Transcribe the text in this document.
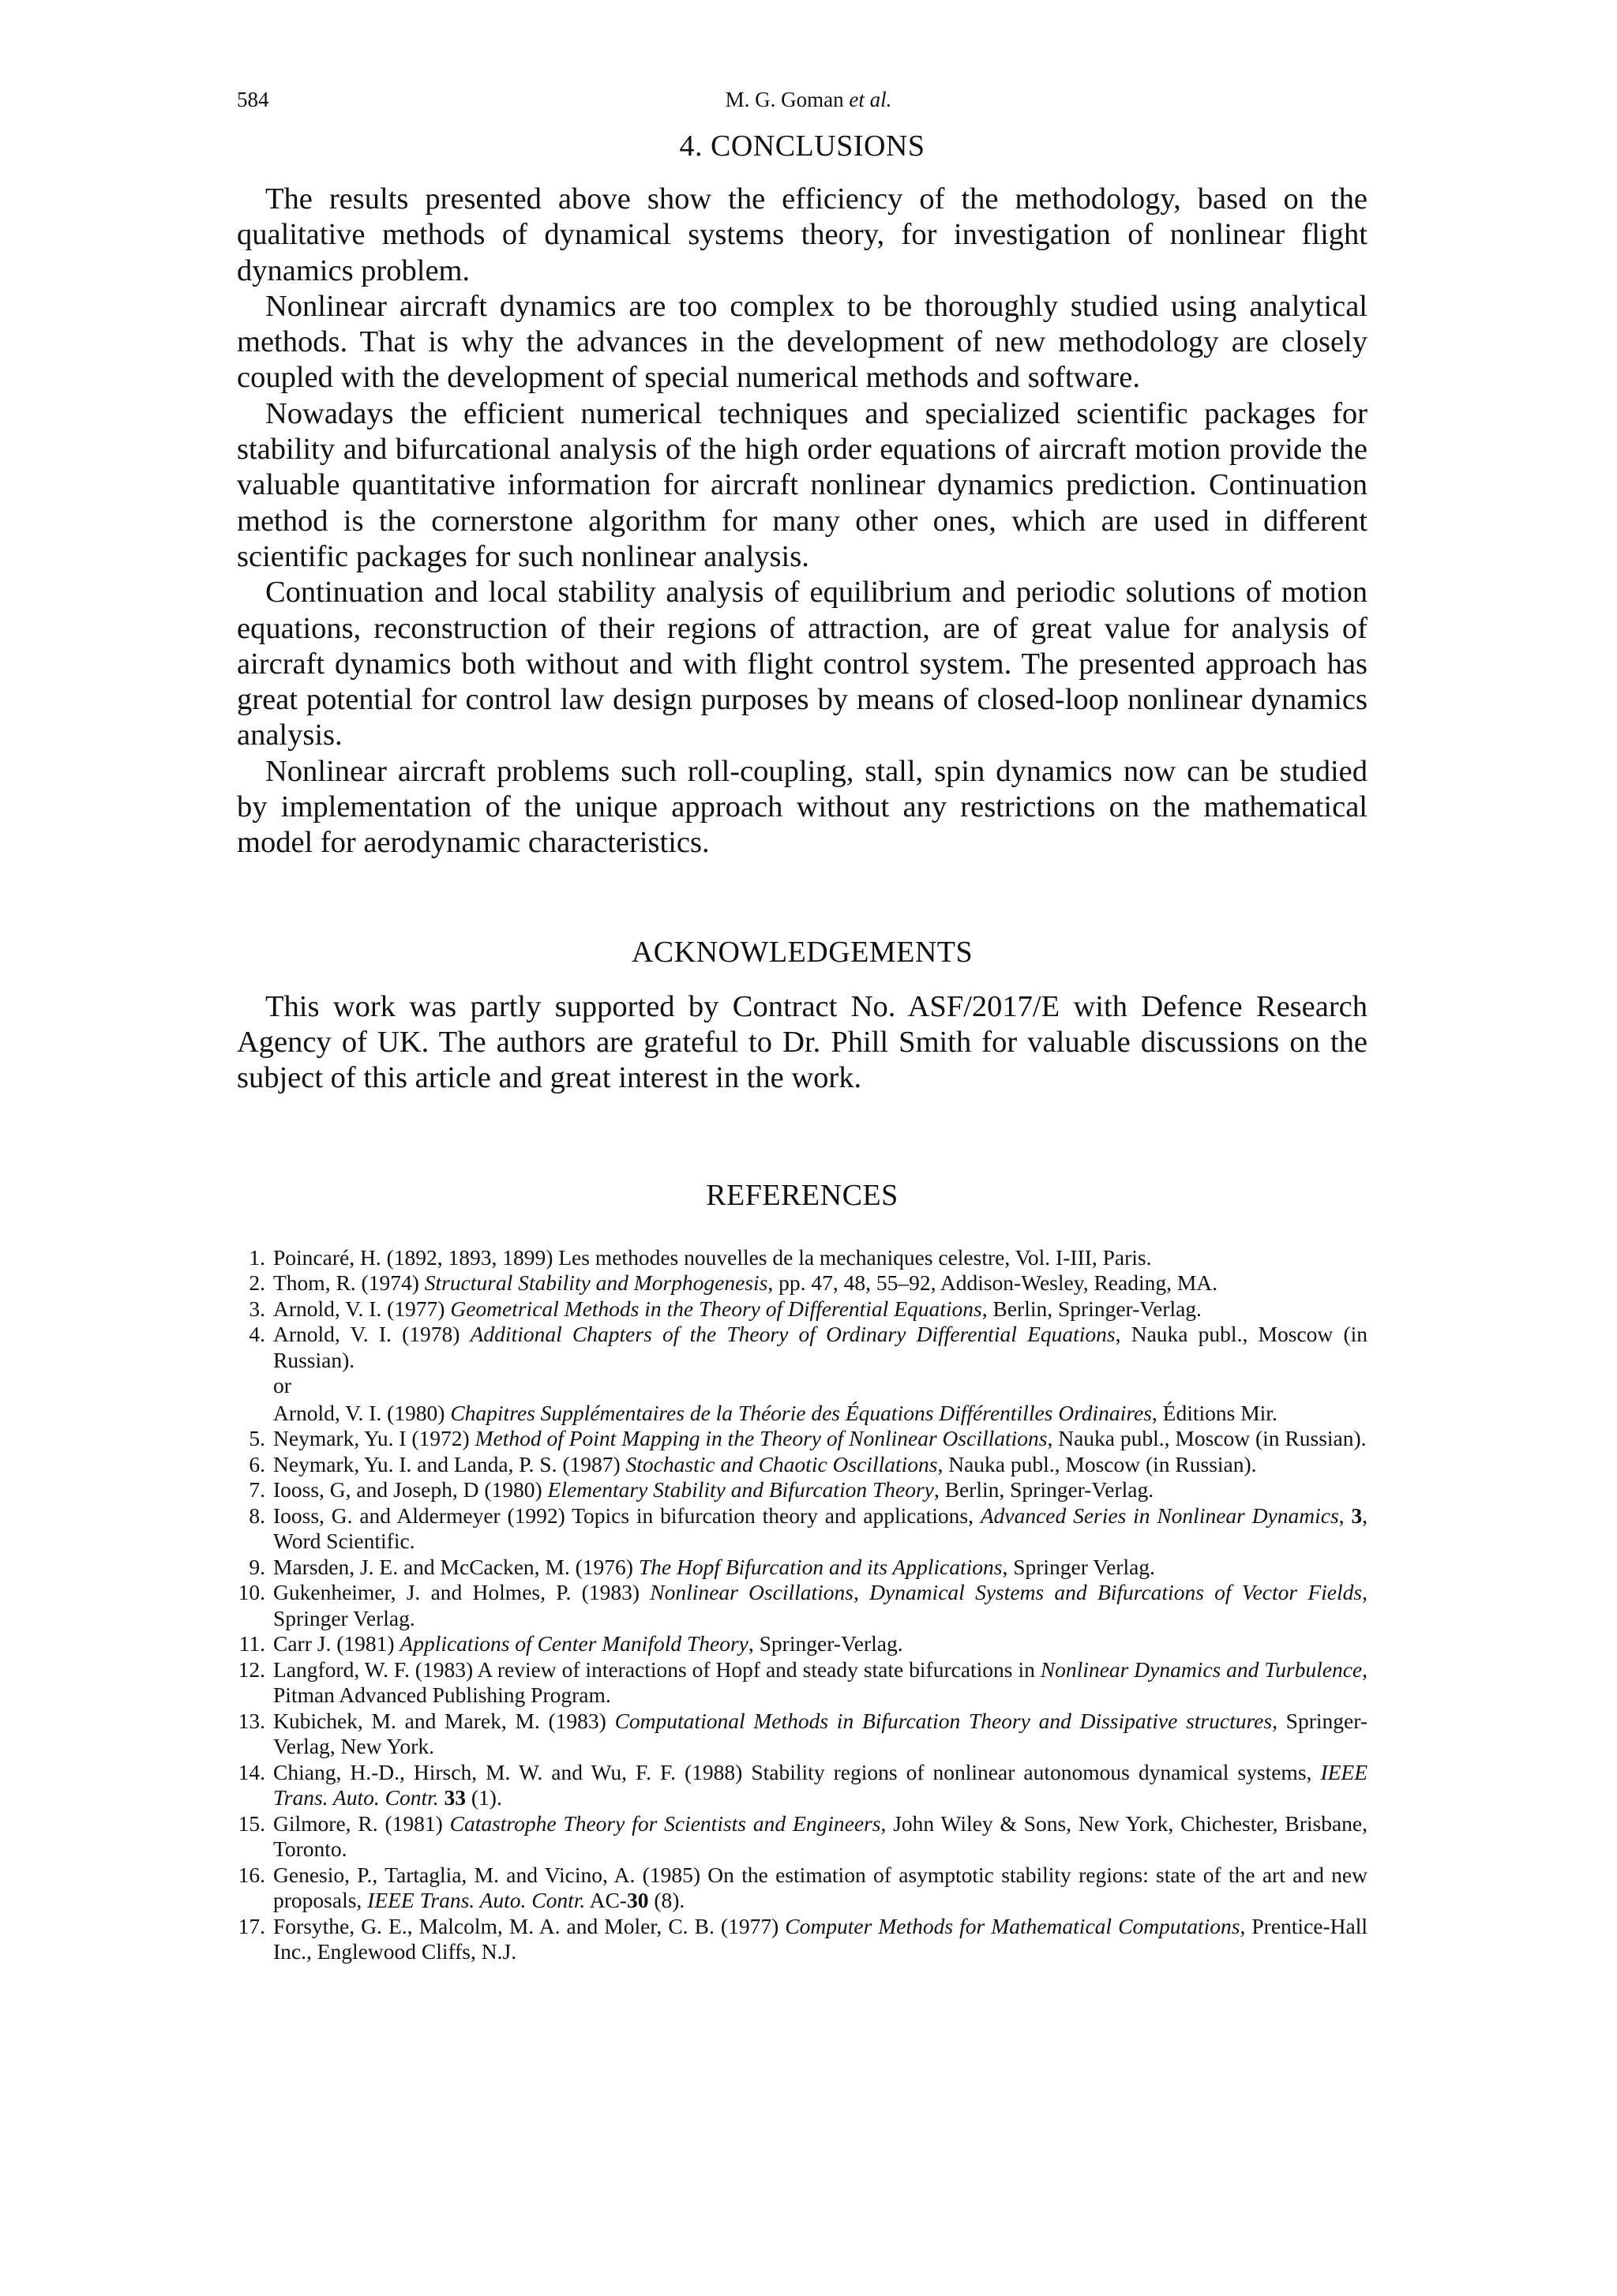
584	M. G. Goman et al.
4. CONCLUSIONS

The results presented above show the efficiency of the methodology, based on the qualitative methods of dynamical systems theory, for investigation of nonlinear flight dynamics problem.

Nonlinear aircraft dynamics are too complex to be thoroughly studied using analytical methods. That is why the advances in the development of new methodology are closely coupled with the development of special numerical methods and software.

Nowadays the efficient numerical techniques and specialized scientific packages for stability and bifurcational analysis of the high order equations of aircraft motion provide the valuable quantitative information for aircraft nonlinear dynamics prediction. Continuation method is the cornerstone algorithm for many other ones, which are used in different scientific packages for such nonlinear analysis.

Continuation and local stability analysis of equilibrium and periodic solutions of motion equations, reconstruction of their regions of attraction, are of great value for analysis of aircraft dynamics both without and with flight control system. The presented approach has great potential for control law design purposes by means of closed-loop nonlinear dynamics analysis.

Nonlinear aircraft problems such roll-coupling, stall, spin dynamics now can be studied by implementation of the unique approach without any restrictions on the mathematical model for aerodynamic characteristics.

ACKNOWLEDGEMENTS

This work was partly supported by Contract No. ASF/2017/E with Defence Research Agency of UK. The authors are grateful to Dr. Phill Smith for valuable discussions on the subject of this article and great interest in the work.

REFERENCES
1. Poincaré, H. (1892, 1893, 1899) Les methodes nouvelles de la mechaniques celestre, Vol. I-III, Paris.
2. Thom, R. (1974) Structural Stability and Morphogenesis, pp. 47, 48, 55–92, Addison-Wesley, Reading, MA.
3. Arnold, V. I. (1977) Geometrical Methods in the Theory of Differential Equations, Berlin, Springer-Verlag.
4. Arnold, V. I. (1978) Additional Chapters of the Theory of Ordinary Differential Equations, Nauka publ., Moscow (in Russian).
or
Arnold, V. I. (1980) Chapitres Supplémentaires de la Théorie des Équations Différentilles Ordinaires, Éditions Mir.
5. Neymark, Yu. I (1972) Method of Point Mapping in the Theory of Nonlinear Oscillations, Nauka publ., Moscow (in Russian).
6. Neymark, Yu. I. and Landa, P. S. (1987) Stochastic and Chaotic Oscillations, Nauka publ., Moscow (in Russian).
7. Iooss, G, and Joseph, D (1980) Elementary Stability and Bifurcation Theory, Berlin, Springer-Verlag.
8. Iooss, G. and Aldermeyer (1992) Topics in bifurcation theory and applications, Advanced Series in Nonlinear Dynamics, 3, Word Scientific.
9. Marsden, J. E. and McCacken, M. (1976) The Hopf Bifurcation and its Applications, Springer Verlag.
10. Gukenheimer, J. and Holmes, P. (1983) Nonlinear Oscillations, Dynamical Systems and Bifurcations of Vector Fields, Springer Verlag.
11. Carr J. (1981) Applications of Center Manifold Theory, Springer-Verlag.
12. Langford, W. F. (1983) A review of interactions of Hopf and steady state bifurcations in Nonlinear Dynamics and Turbulence, Pitman Advanced Publishing Program.
13. Kubichek, M. and Marek, M. (1983) Computational Methods in Bifurcation Theory and Dissipative structures, Springer-Verlag, New York.
14. Chiang, H.-D., Hirsch, M. W. and Wu, F. F. (1988) Stability regions of nonlinear autonomous dynamical systems, IEEE Trans. Auto. Contr. 33 (1).
15. Gilmore, R. (1981) Catastrophe Theory for Scientists and Engineers, John Wiley & Sons, New York, Chichester, Brisbane, Toronto.
16. Genesio, P., Tartaglia, M. and Vicino, A. (1985) On the estimation of asymptotic stability regions: state of the art and new proposals, IEEE Trans. Auto. Contr. AC-30 (8).
17. Forsythe, G. E., Malcolm, M. A. and Moler, C. B. (1977) Computer Methods for Mathematical Computations, Prentice-Hall Inc., Englewood Cliffs, N.J.
